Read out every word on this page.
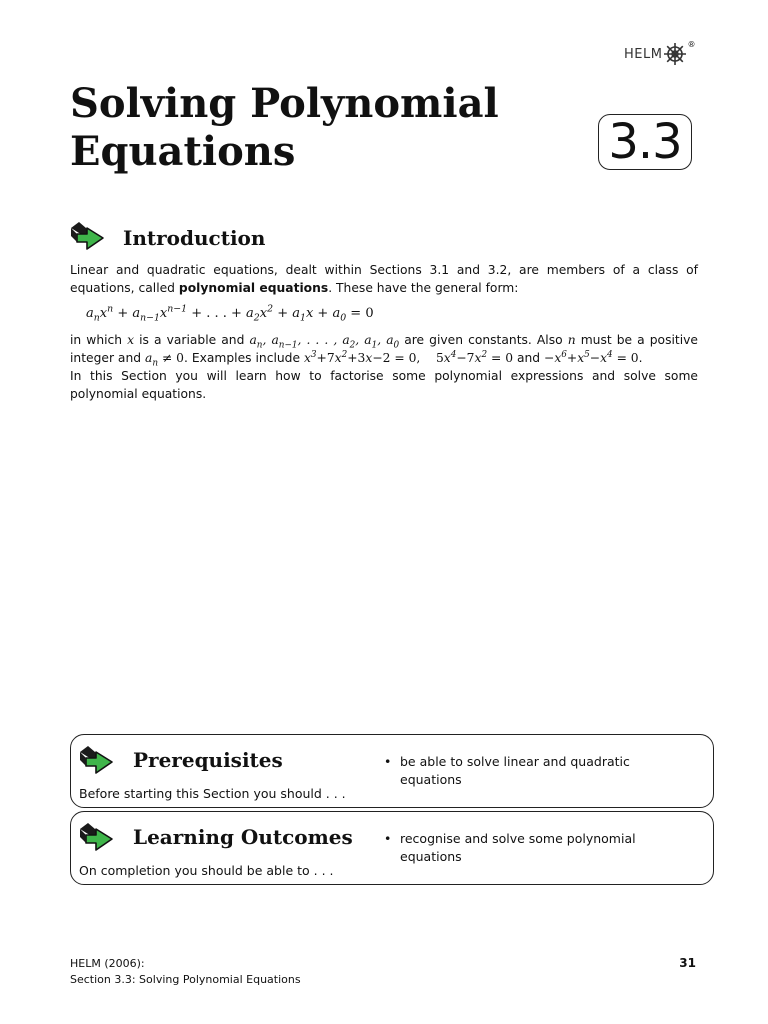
HELM
®
Solving Polynomial
Equations	3.3
Introduction

Linear and quadratic equations, dealt within Sections 3.1 and 3.2, are members of a class of equations, called polynomial equations. These have the general form:

$a_nx^n + a_{n-1}x^{n-1}$ + . . . + $a_2x^2 + a_1x + a_0 = 0$

in which x is a variable and $a_n$, $a_{n-1}$, . . . , $a_2$, $a_1$, $a_0$ are given constants. Also n must be a positive integer and $a_n \ne 0$. Examples include $x^3+7x^2+3x-2 = 0$, $5x^4-7x^2 = 0$ and $-x^6+x^5-x^4 = 0$.

In this Section you will learn how to factorise some polynomial expressions and solve some polynomial equations.

Prerequisites
Before starting this Section you should . . .
• be able to solve linear and quadratic equations
Learning Outcomes
On completion you should be able to . . .
• recognise and solve some polynomial equations
HELM (2006):
Section 3.3: Solving Polynomial Equations
31
